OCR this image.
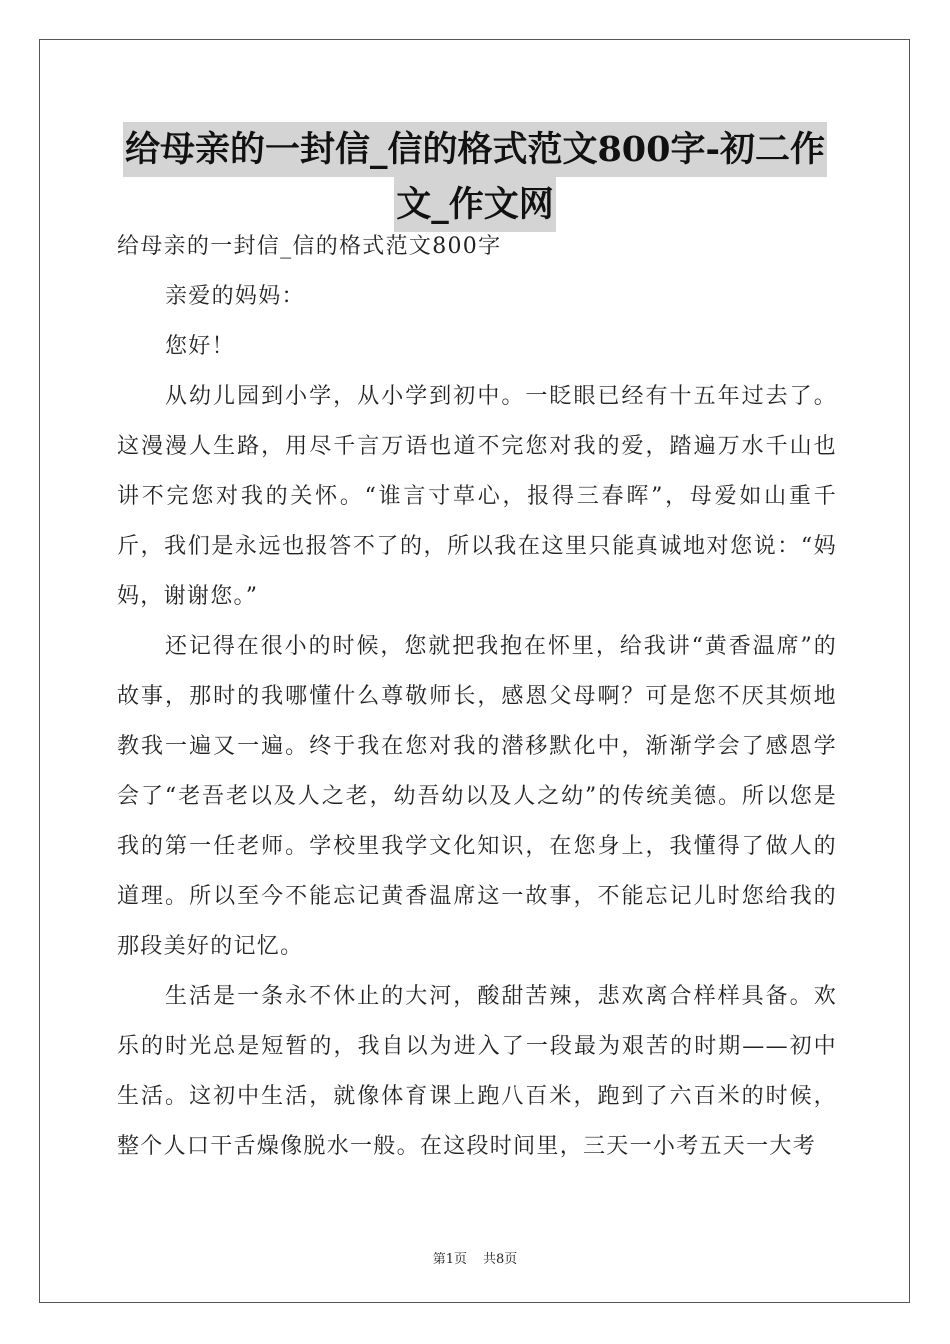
给母亲的一封信_信的格式范文800字-初二作
文_作文网

给母亲的一封信_信的格式范文800字

亲爱的妈妈：

您好！

从幼儿园到小学，从小学到初中。一眨眼已经有十五年过去了。这漫漫人生路，用尽千言万语也道不完您对我的爱，踏遍万水千山也讲不完您对我的关怀。“谁言寸草心，报得三春晖”，母爱如山重千斤，我们是永远也报答不了的，所以我在这里只能真诚地对您说：“妈妈，谢谢您。”

还记得在很小的时候，您就把我抱在怀里，给我讲“黄香温席”的故事，那时的我哪懂什么尊敬师长，感恩父母啊？可是您不厌其烦地教我一遍又一遍。终于我在您对我的潜移默化中，渐渐学会了感恩学会了“老吾老以及人之老，幼吾幼以及人之幼”的传统美德。所以您是我的第一任老师。学校里我学文化知识，在您身上，我懂得了做人的道理。所以至今不能忘记黄香温席这一故事，不能忘记儿时您给我的那段美好的记忆。

生活是一条永不休止的大河，酸甜苦辣，悲欢离合样样具备。欢乐的时光总是短暂的，我自以为进入了一段最为艰苦的时期——初中生活。这初中生活，就像体育课上跑八百米，跑到了六百米的时候，整个人口干舌燥像脱水一般。在这段时间里，三天一小考五天一大考

第1页 共8页
